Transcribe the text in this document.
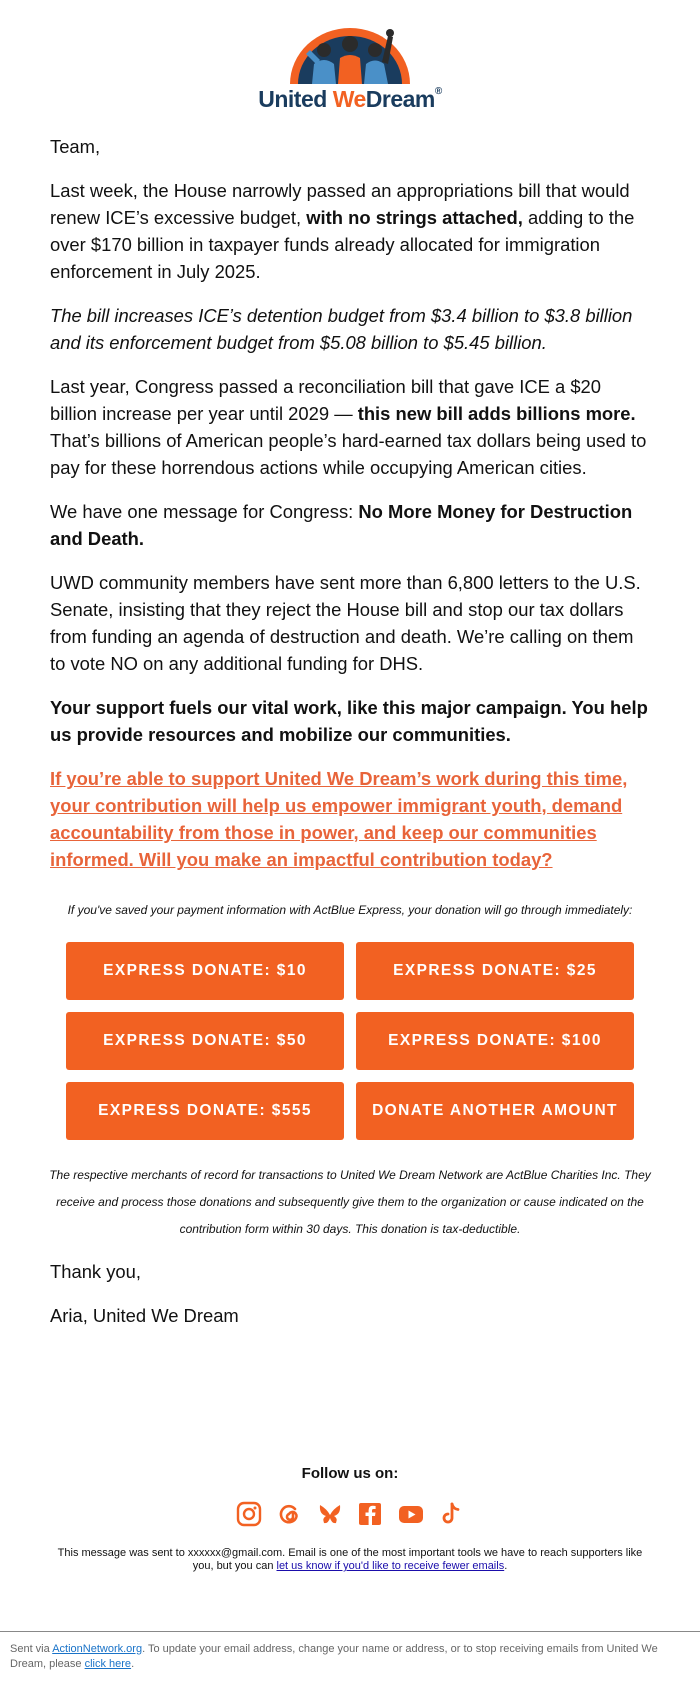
United WeDream®

Team,

Last week, the House narrowly passed an appropriations bill that would renew ICE’s excessive budget, with no strings attached, adding to the over $170 billion in taxpayer funds already allocated for immigration enforcement in July 2025.

The bill increases ICE’s detention budget from $3.4 billion to $3.8 billion and its enforcement budget from $5.08 billion to $5.45 billion.

Last year, Congress passed a reconciliation bill that gave ICE a $20 billion increase per year until 2029 — this new bill adds billions more. That’s billions of American people’s hard-earned tax dollars being used to pay for these horrendous actions while occupying American cities.

We have one message for Congress: No More Money for Destruction and Death.

UWD community members have sent more than 6,800 letters to the U.S. Senate, insisting that they reject the House bill and stop our tax dollars from funding an agenda of destruction and death. We’re calling on them to vote NO on any additional funding for DHS.

Your support fuels our vital work, like this major campaign. You help us provide resources and mobilize our communities.

If you’re able to support United We Dream’s work during this time, your contribution will help us empower immigrant youth, demand accountability from those in power, and keep our communities informed. Will you make an impactful contribution today?

If you've saved your payment information with ActBlue Express, your donation will go through immediately:
EXPRESS DONATE: $10	EXPRESS DONATE: $25
EXPRESS DONATE: $50	EXPRESS DONATE: $100
EXPRESS DONATE: $555	DONATE ANOTHER AMOUNT
The respective merchants of record for transactions to United We Dream Network are ActBlue Charities Inc. They receive and process those donations and subsequently give them to the organization or cause indicated on the contribution form within 30 days. This donation is tax-deductible.

Thank you,

Aria, United We Dream

Follow us on:

This message was sent to xxxxxx@gmail.com. Email is one of the most important tools we have to reach supporters like you, but you can let us know if you'd like to receive fewer emails.
Sent via ActionNetwork.org. To update your email address, change your name or address, or to stop receiving emails from United We Dream, please click here.
